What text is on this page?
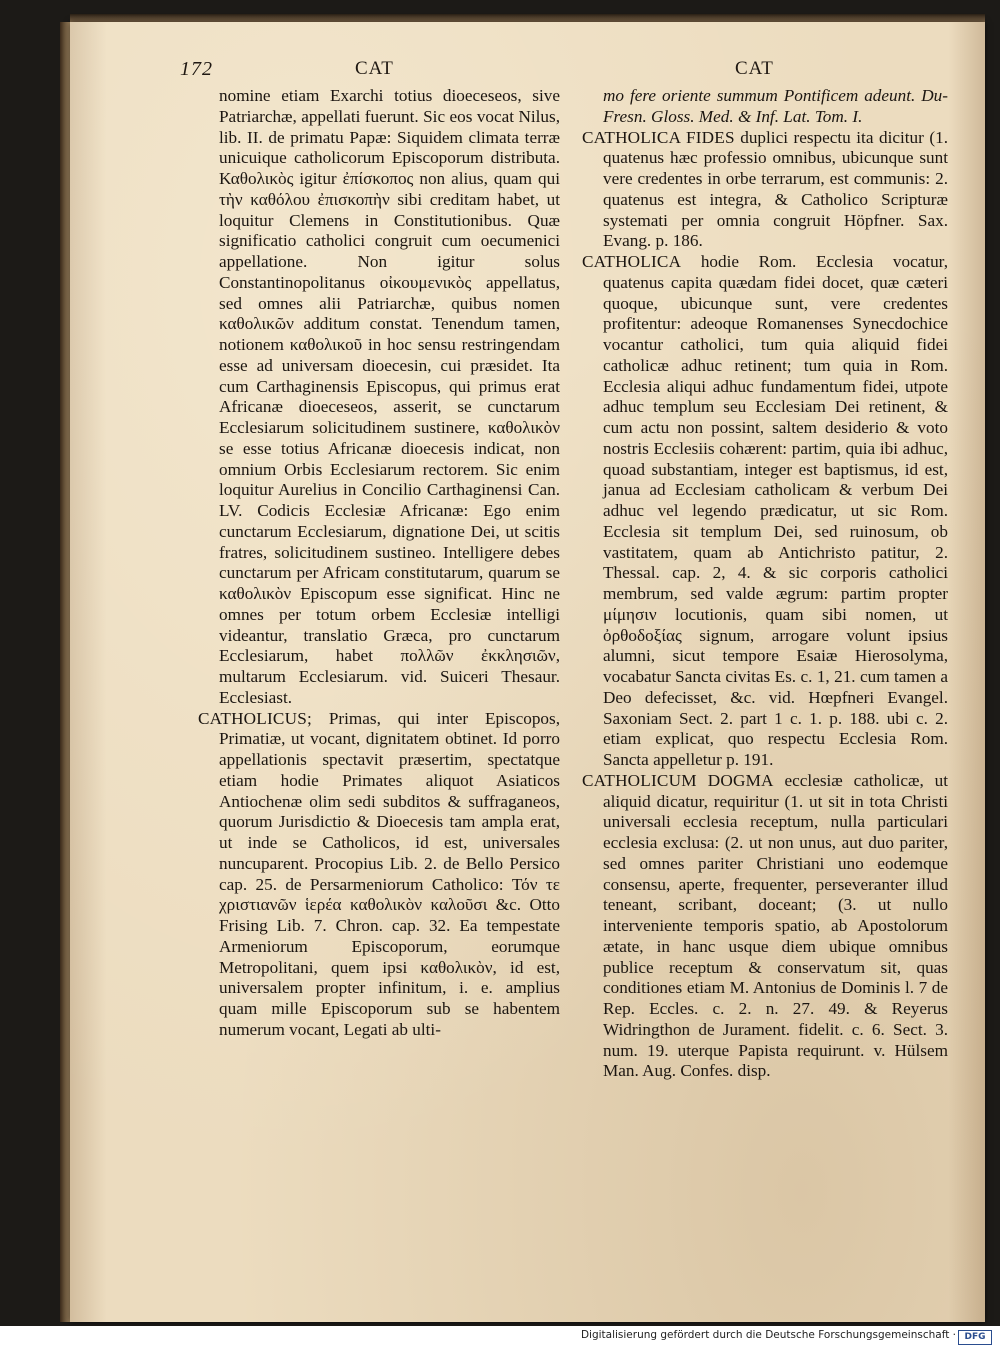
172	CAT	CAT

nomine etiam Exarchi totius dioeceseos, sive Patriarchæ, appellati fuerunt. Sic eos vocat Nilus, lib. II. de primatu Papæ: Siquidem climata terræ unicuique catholicorum Episcoporum distributa. Καθολικὸς igitur ἐπίσκοπος non alius, quam qui τὴν καθόλου ἐπισκοπὴν sibi creditam habet, ut loquitur Clemens in Constitutionibus. Quæ significatio catholici congruit cum oecumenici appellatione. Non igitur solus Constantinopolitanus οἰκουμενικὸς appellatus, sed omnes alii Patriarchæ, quibus nomen καθολικῶν additum constat. Tenendum tamen, notionem καθολικοῦ in hoc sensu restringendam esse ad universam dioecesin, cui præsidet. Ita cum Carthaginensis Episcopus, qui primus erat Africanæ dioeceseos, asserit, se cunctarum Ecclesiarum solicitudinem sustinere, καθολικὸν se esse totius Africanæ dioecesis indicat, non omnium Orbis Ecclesiarum rectorem. Sic enim loquitur Aurelius in Concilio Carthaginensi Can. LV. Codicis Ecclesiæ Africanæ: Ego enim cunctarum Ecclesiarum, dignatione Dei, ut scitis fratres, solicitudinem sustineo. Intelligere debes cunctarum per Africam constitutarum, quarum se καθολικὸν Episcopum esse significat. Hinc ne omnes per totum orbem Ecclesiæ intelligi videantur, translatio Græca, pro cunctarum Ecclesiarum, habet πολλῶν ἐκκλησιῶν, multarum Ecclesiarum. vid. Suiceri Thesaur. Ecclesiast.

CATHOLICUS; Primas, qui inter Episcopos, Primatiæ, ut vocant, dignitatem obtinet. Id porro appellationis spectavit præsertim, spectatque etiam hodie Primates aliquot Asiaticos Antiochenæ olim sedi subditos & suffraganeos, quorum Jurisdictio & Dioecesis tam ampla erat, ut inde se Catholicos, id est, universales nuncuparent. Procopius Lib. 2. de Bello Persico cap. 25. de Persarmeniorum Catholico: Τόν τε χριστιανῶν ἱερέα καθολικὸν καλοῦσι &c. Otto Frising Lib. 7. Chron. cap. 32. Ea tempestate Armeniorum Episcoporum, eorumque Metropolitani, quem ipsi καθολικὸν, id est, universalem propter infinitum, i. e. amplius quam mille Episcoporum sub se habentem numerum vocant, Legati ab ulti-

mo fere oriente summum Pontificem adeunt. Du-Fresn. Gloss. Med. & Inf. Lat. Tom. I.

CATHOLICA FIDES duplici respectu ita dicitur (1. quatenus hæc professio omnibus, ubicunque sunt vere credentes in orbe terrarum, est communis: 2. quatenus est integra, & Catholico Scripturæ systemati per omnia congruit Höpfner. Sax. Evang. p. 186.

CATHOLICA hodie Rom. Ecclesia vocatur, quatenus capita quædam fidei docet, quæ cæteri quoque, ubicunque sunt, vere credentes profitentur: adeoque Romanenses Synecdochice vocantur catholici, tum quia aliquid fidei catholicæ adhuc retinent; tum quia in Rom. Ecclesia aliqui adhuc fundamentum fidei, utpote adhuc templum seu Ecclesiam Dei retinent, & cum actu non possint, saltem desiderio & voto nostris Ecclesiis cohærent: partim, quia ibi adhuc, quoad substantiam, integer est baptismus, id est, janua ad Ecclesiam catholicam & verbum Dei adhuc vel legendo prædicatur, ut sic Rom. Ecclesia sit templum Dei, sed ruinosum, ob vastitatem, quam ab Antichristo patitur, 2. Thessal. cap. 2, 4. & sic corporis catholici membrum, sed valde ægrum: partim propter μίμησιν locutionis, quam sibi nomen, ut ὀρθοδοξίας signum, arrogare volunt ipsius alumni, sicut tempore Esaiæ Hierosolyma, vocabatur Sancta civitas Es. c. 1, 21. cum tamen a Deo defecisset, &c. vid. Hœpfneri Evangel. Saxoniam Sect. 2. part 1 c. 1. p. 188. ubi c. 2. etiam explicat, quo respectu Ecclesia Rom. Sancta appelletur p. 191.

CATHOLICUM DOGMA ecclesiæ catholicæ, ut aliquid dicatur, requiritur (1. ut sit in tota Christi universali ecclesia receptum, nulla particulari ecclesia exclusa: (2. ut non unus, aut duo pariter, sed omnes pariter Christiani uno eodemque consensu, aperte, frequenter, perseveranter illud teneant, scribant, doceant; (3. ut nullo interveniente temporis spatio, ab Apostolorum ætate, in hanc usque diem ubique omnibus publice receptum & conservatum sit, quas conditiones etiam M. Antonius de Dominis l. 7 de Rep. Eccles. c. 2. n. 27. 49. & Reyerus Widringthon de Jurament. fidelit. c. 6. Sect. 3. num. 19. uterque Papista requirunt. v. Hülsem Man. Aug. Confes. disp.

Digitalisierung gefördert durch die Deutsche Forschungsgemeinschaft · DFG
